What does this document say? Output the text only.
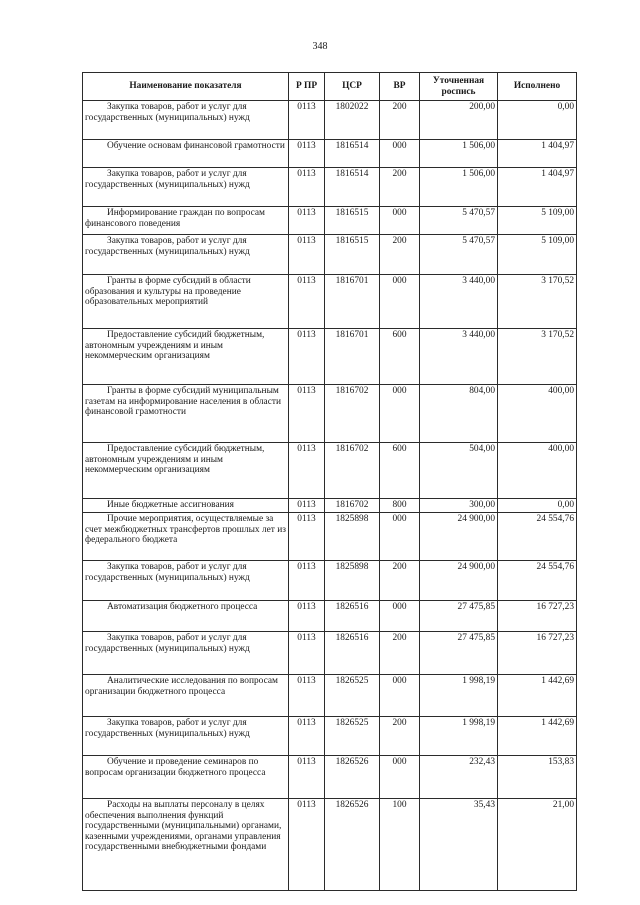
348
Наименование показателя	Р ПР	ЦСР	ВР	Уточненная роспись	Исполнено

Закупка товаров, работ и услуг для государственных (муниципальных) нужд	0113	1802022	200	200,00	0,00

Обучение основам финансовой грамотности	0113	1816514	000	1 506,00	1 404,97

Закупка товаров, работ и услуг для государственных (муниципальных) нужд	0113	1816514	200	1 506,00	1 404,97

Информирование граждан по вопросам финансового поведения	0113	1816515	000	5 470,57	5 109,00

Закупка товаров, работ и услуг для государственных (муниципальных) нужд	0113	1816515	200	5 470,57	5 109,00

Гранты в форме субсидий в области образования и культуры на проведение образовательных мероприятий	0113	1816701	000	3 440,00	3 170,52

Предоставление субсидий бюджетным, автономным учреждениям и иным некоммерческим организациям	0113	1816701	600	3 440,00	3 170,52

Гранты в форме субсидий муниципальным газетам на информирование населения в области финансовой грамотности	0113	1816702	000	804,00	400,00

Предоставление субсидий бюджетным, автономным учреждениям и иным некоммерческим организациям	0113	1816702	600	504,00	400,00

Иные бюджетные ассигнования	0113	1816702	800	300,00	0,00

Прочие мероприятия, осуществляемые за счет межбюджетных трансфертов прошлых лет из федерального бюджета	0113	1825898	000	24 900,00	24 554,76

Закупка товаров, работ и услуг для государственных (муниципальных) нужд	0113	1825898	200	24 900,00	24 554,76

Автоматизация бюджетного процесса	0113	1826516	000	27 475,85	16 727,23

Закупка товаров, работ и услуг для государственных (муниципальных) нужд	0113	1826516	200	27 475,85	16 727,23

Аналитические исследования по вопросам организации бюджетного процесса	0113	1826525	000	1 998,19	1 442,69

Закупка товаров, работ и услуг для государственных (муниципальных) нужд	0113	1826525	200	1 998,19	1 442,69

Обучение и проведение семинаров по вопросам организации бюджетного процесса	0113	1826526	000	232,43	153,83

Расходы на выплаты персоналу в целях обеспечения выполнения функций государственными (муниципальными) органами, казенными учреждениями, органами управления государственными внебюджетными фондами	0113	1826526	100	35,43	21,00
